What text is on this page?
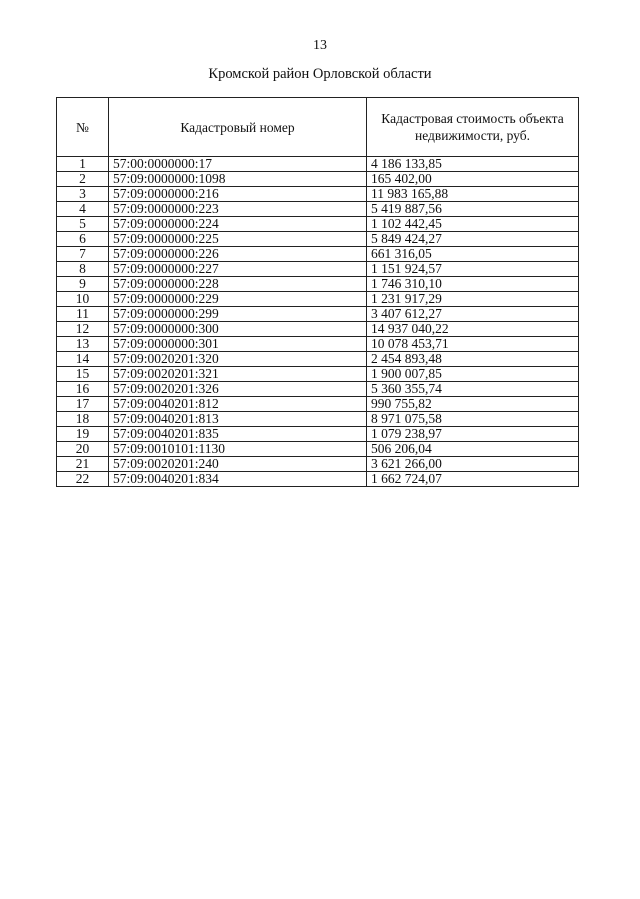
13
Кромской район Орловской области
№	Кадастровый номер	Кадастровая стоимость объекта недвижимости, руб.
1	57:00:0000000:17	4 186 133,85
2	57:09:0000000:1098	165 402,00
3	57:09:0000000:216	11 983 165,88
4	57:09:0000000:223	5 419 887,56
5	57:09:0000000:224	1 102 442,45
6	57:09:0000000:225	5 849 424,27
7	57:09:0000000:226	661 316,05
8	57:09:0000000:227	1 151 924,57
9	57:09:0000000:228	1 746 310,10
10	57:09:0000000:229	1 231 917,29
11	57:09:0000000:299	3 407 612,27
12	57:09:0000000:300	14 937 040,22
13	57:09:0000000:301	10 078 453,71
14	57:09:0020201:320	2 454 893,48
15	57:09:0020201:321	1 900 007,85
16	57:09:0020201:326	5 360 355,74
17	57:09:0040201:812	990 755,82
18	57:09:0040201:813	8 971 075,58
19	57:09:0040201:835	1 079 238,97
20	57:09:0010101:1130	506 206,04
21	57:09:0020201:240	3 621 266,00
22	57:09:0040201:834	1 662 724,07
